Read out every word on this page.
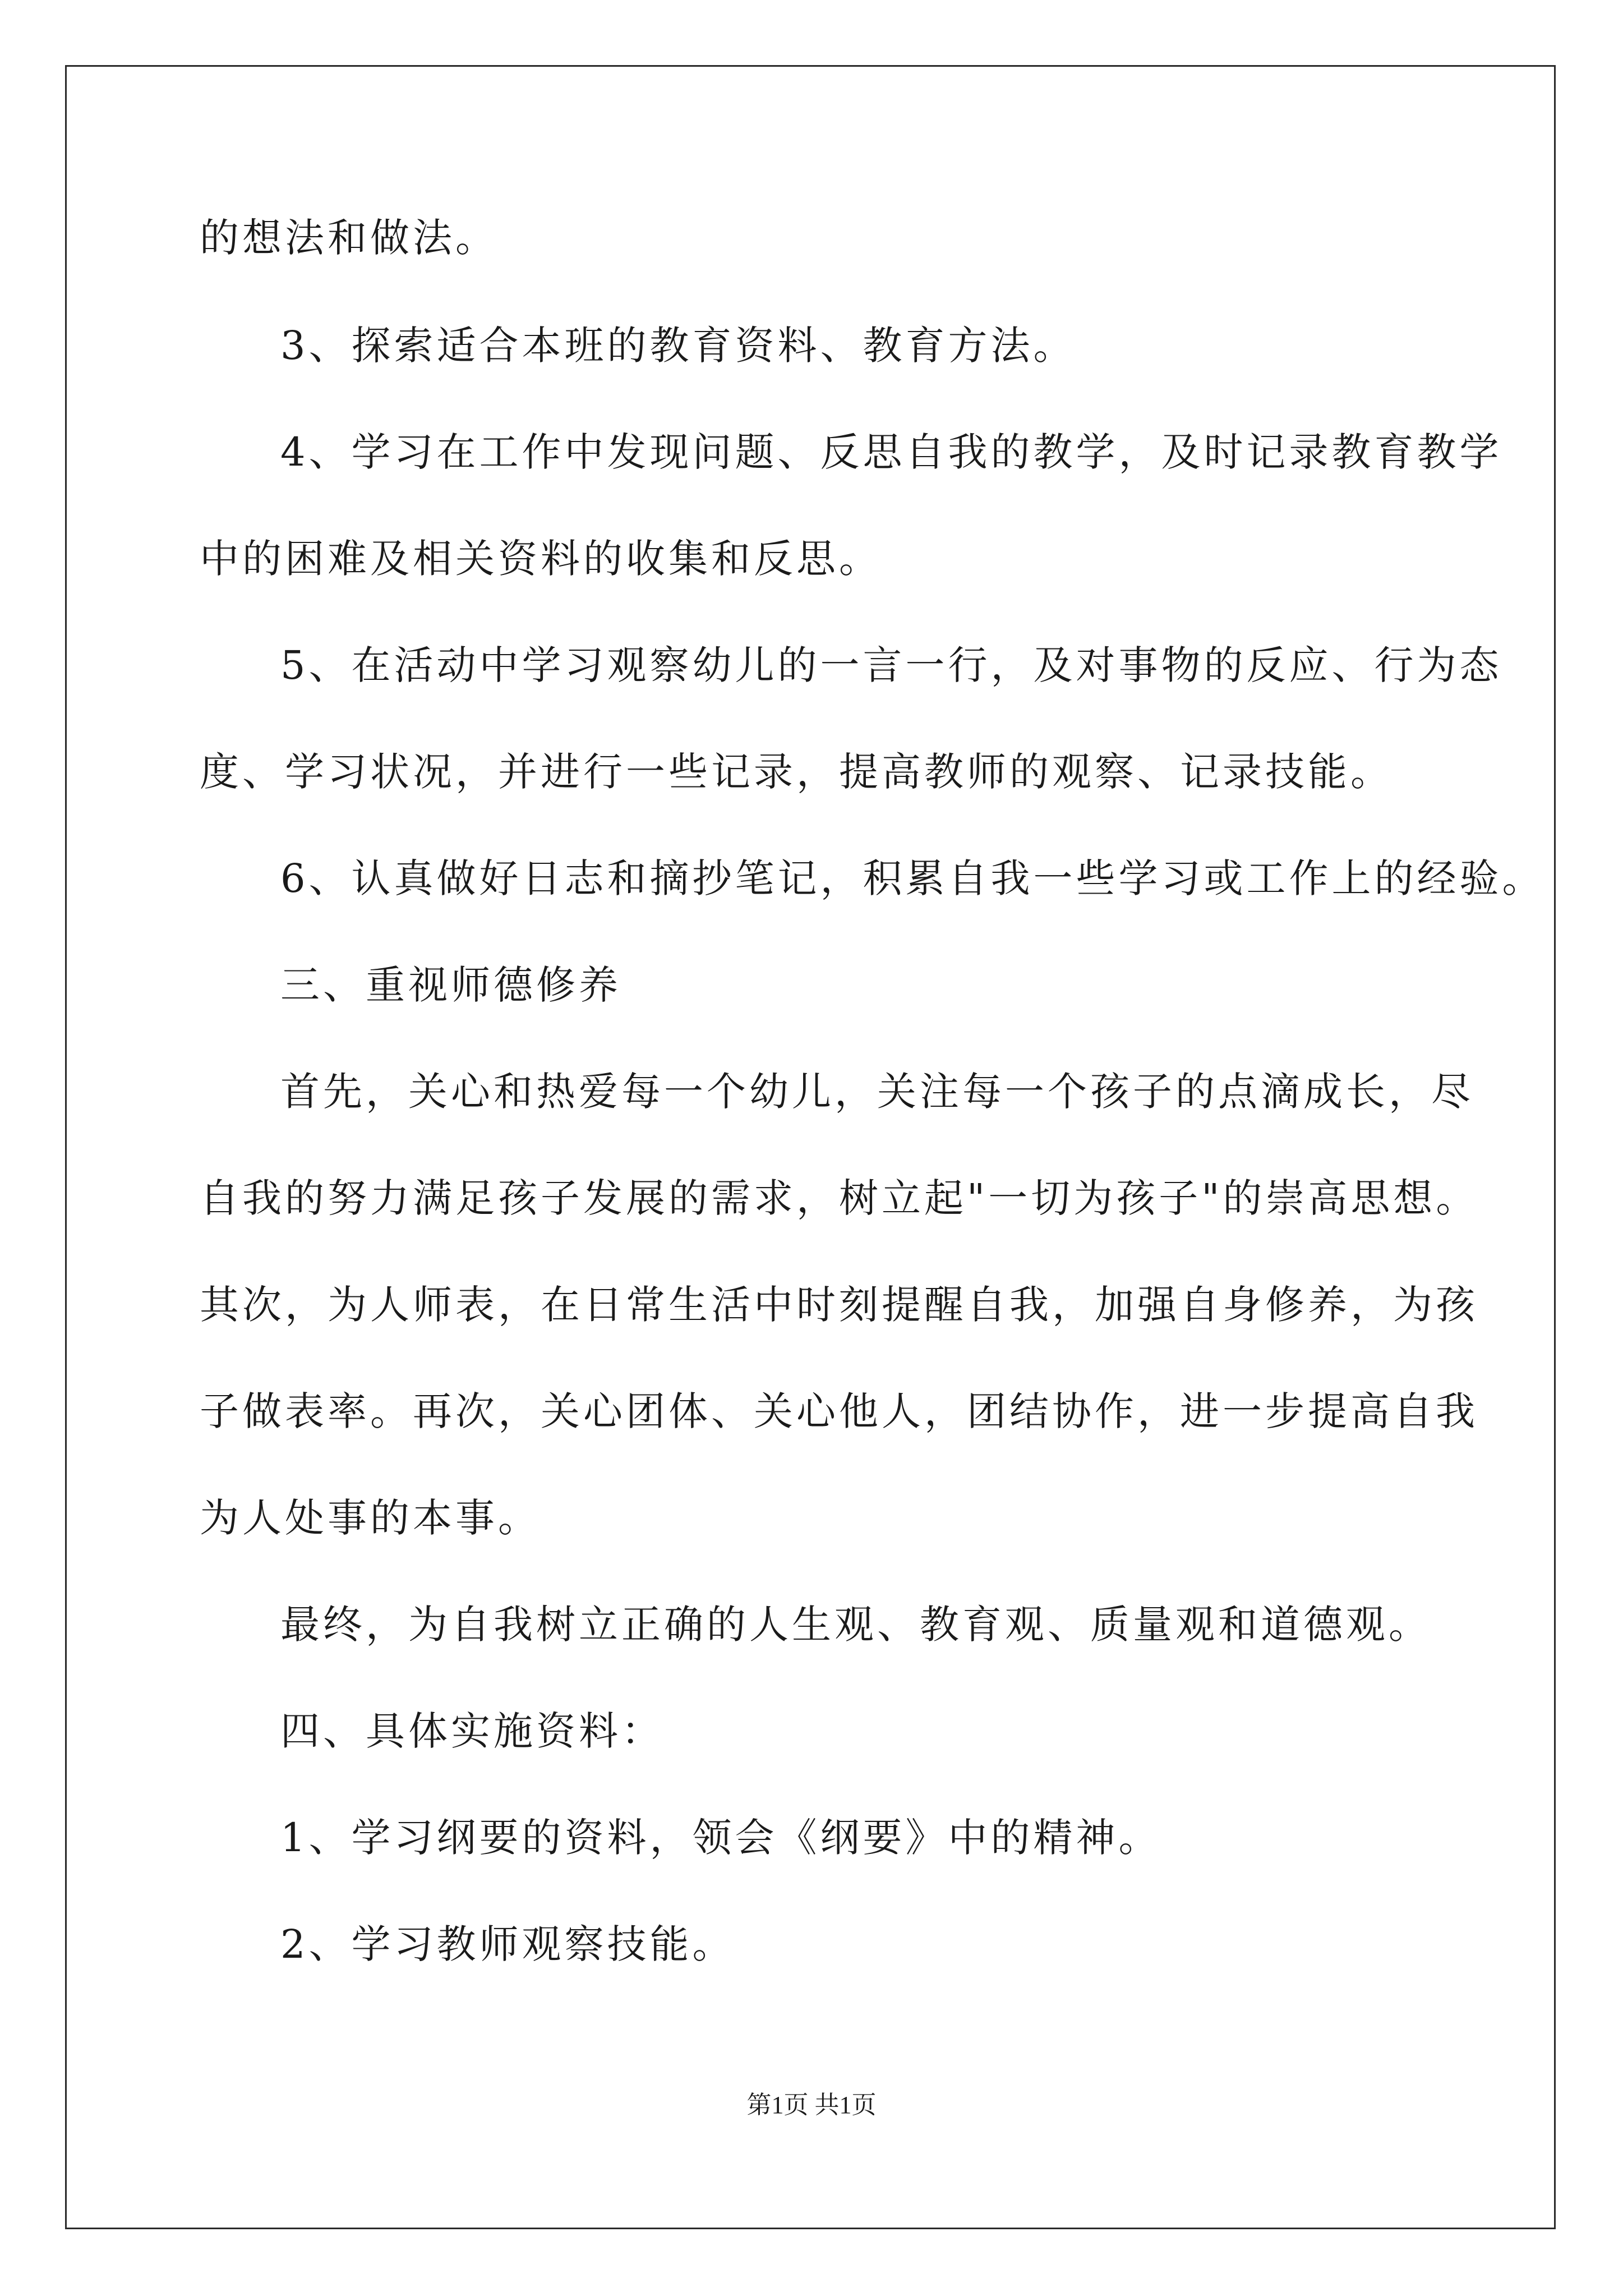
的想法和做法。
3、探索适合本班的教育资料、教育方法。
4、学习在工作中发现问题、反思自我的教学，及时记录教育教学
中的困难及相关资料的收集和反思。
5、在活动中学习观察幼儿的一言一行，及对事物的反应、行为态
度、学习状况，并进行一些记录，提高教师的观察、记录技能。
6、认真做好日志和摘抄笔记，积累自我一些学习或工作上的经验。
三、重视师德修养
首先，关心和热爱每一个幼儿，关注每一个孩子的点滴成长，尽
自我的努力满足孩子发展的需求，树立起"一切为孩子"的崇高思想。
其次，为人师表，在日常生活中时刻提醒自我，加强自身修养，为孩
子做表率。再次，关心团体、关心他人，团结协作，进一步提高自我
为人处事的本事。
最终，为自我树立正确的人生观、教育观、质量观和道德观。
四、具体实施资料：
1、学习纲要的资料，领会《纲要》中的精神。
2、学习教师观察技能。
第1页 共1页
